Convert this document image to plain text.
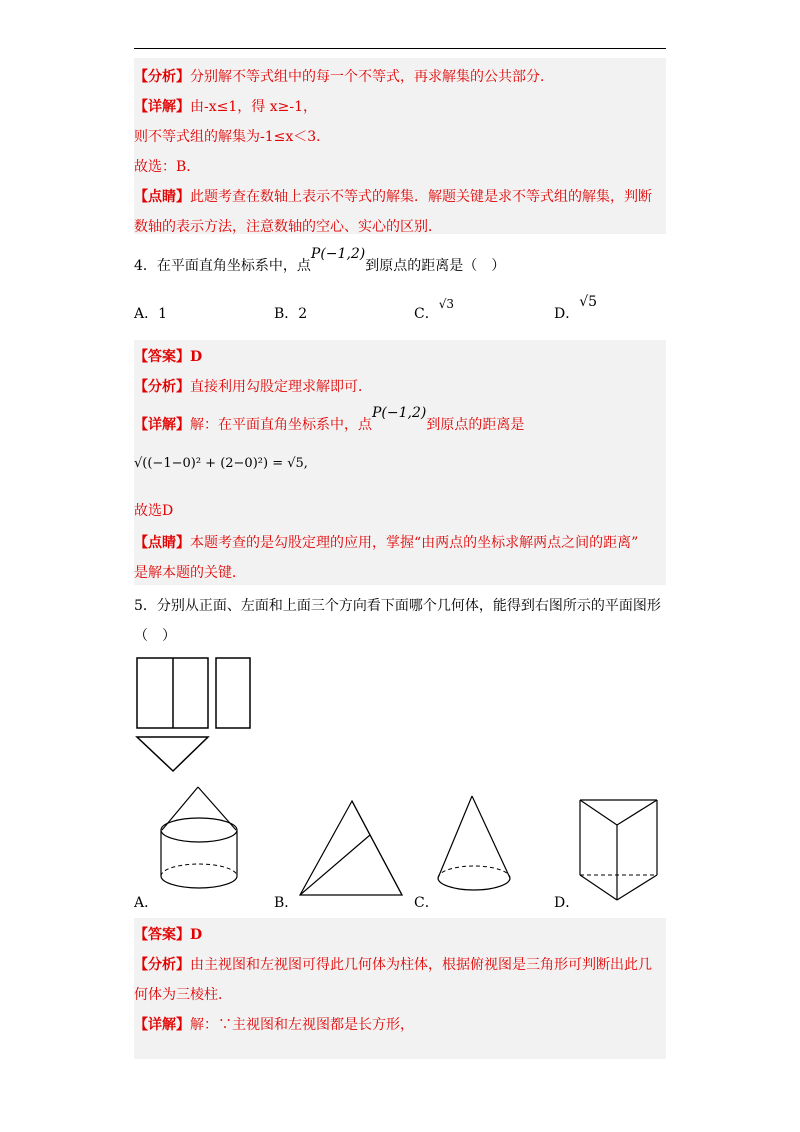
【分析】分别解不等式组中的每一个不等式，再求解集的公共部分．
【详解】由-x≤1，得 x≥-1，
则不等式组的解集为-1≤x＜3．
故选：B．
【点睛】此题考查在数轴上表示不等式的解集．解题关键是求不等式组的解集，判断
数轴的表示方法，注意数轴的空心、实心的区别．
4．在平面直角坐标系中，点P(−1,2)到原点的距离是（　）
A．1	B．2	C．√3
D．√5
【答案】D
【分析】直接利用勾股定理求解即可．
【详解】解：在平面直角坐标系中，点P(−1,2)到原点的距离是
√((−1−0)² + (2−0)²) = √5,
故选D
【点睛】本题考查的是勾股定理的应用，掌握“由两点的坐标求解两点之间的距离”
是解本题的关键．
5．分别从正面、左面和上面三个方向看下面哪个几何体，能得到右图所示的平面图形
（　）
A．	B．	C．	D．
【答案】D
【分析】由主视图和左视图可得此几何体为柱体，根据俯视图是三角形可判断出此几
何体为三棱柱．
【详解】解：∵主视图和左视图都是长方形，
